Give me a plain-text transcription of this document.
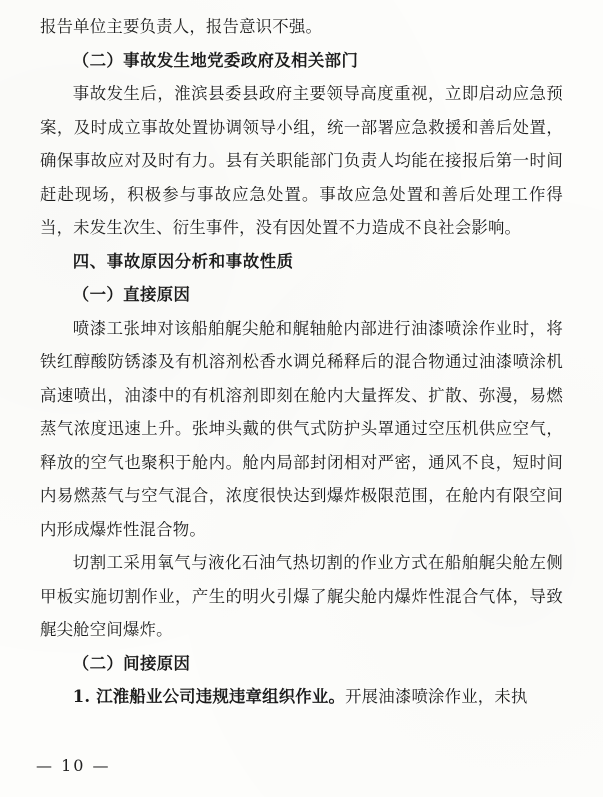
报告单位主要负责人，报告意识不强。

（二）事故发生地党委政府及相关部门

事故发生后，淮滨县委县政府主要领导高度重视，立即启动应急预案，及时成立事故处置协调领导小组，统一部署应急救援和善后处置，确保事故应对及时有力。县有关职能部门负责人均能在接报后第一时间赶赴现场，积极参与事故应急处置。事故应急处置和善后处理工作得当，未发生次生、衍生事件，没有因处置不力造成不良社会影响。

四、事故原因分析和事故性质

（一）直接原因

喷漆工张坤对该船舶艉尖舱和艉轴舱内部进行油漆喷涂作业时，将铁红醇酸防锈漆及有机溶剂松香水调兑稀释后的混合物通过油漆喷涂机高速喷出，油漆中的有机溶剂即刻在舱内大量挥发、扩散、弥漫，易燃蒸气浓度迅速上升。张坤头戴的供气式防护头罩通过空压机供应空气，释放的空气也聚积于舱内。舱内局部封闭相对严密，通风不良，短时间内易燃蒸气与空气混合，浓度很快达到爆炸极限范围，在舱内有限空间内形成爆炸性混合物。

切割工采用氧气与液化石油气热切割的作业方式在船舶艉尖舱左侧甲板实施切割作业，产生的明火引爆了艉尖舱内爆炸性混合气体，导致艉尖舱空间爆炸。

（二）间接原因

1. 江淮船业公司违规违章组织作业。开展油漆喷涂作业，未执

— 10 —
